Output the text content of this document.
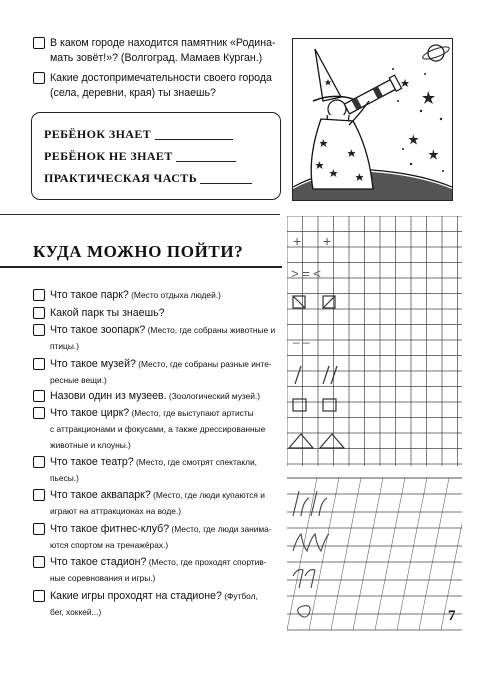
В каком городе находится памятник «Родина-
мать зовёт!»? (Волгоград. Мамаев Курган.)
Какие достопримечательности своего города
(села, деревни, края) ты знаешь?
РЕБЁНОК ЗНАЕТ
РЕБЁНОК НЕ ЗНАЕТ
ПРАКТИЧЕСКАЯ ЧАСТЬ
КУДА МОЖНО ПОЙТИ?
Что такое парк? (Место отдыха людей.)
Какой парк ты знаешь?
Что такое зоопарк? (Место, где собраны животные и
птицы.)
Что такое музей? (Место, где собраны разные инте-
ресные вещи.)
Назови один из музеев. (Зоологический музей.)
Что такое цирк? (Место, где выступают артисты
с аттракционами и фокусами, а также дрессированные
животные и клоуны.)
Что такое театр? (Место, где смотрят спектакли,
пьесы.)
Что такое аквапарк? (Место, где люди купаются и
играют на аттракционах на воде.)
Что такое фитнес-клуб? (Место, где люди занима-
ются спортом на тренажёрах.)
Что такое стадион? (Место, где проходят спортив-
ные соревнования и игры.)
Какие игры проходят на стадионе? (Футбол,
бег, хоккей...)
+ +
> = <
– –
7
